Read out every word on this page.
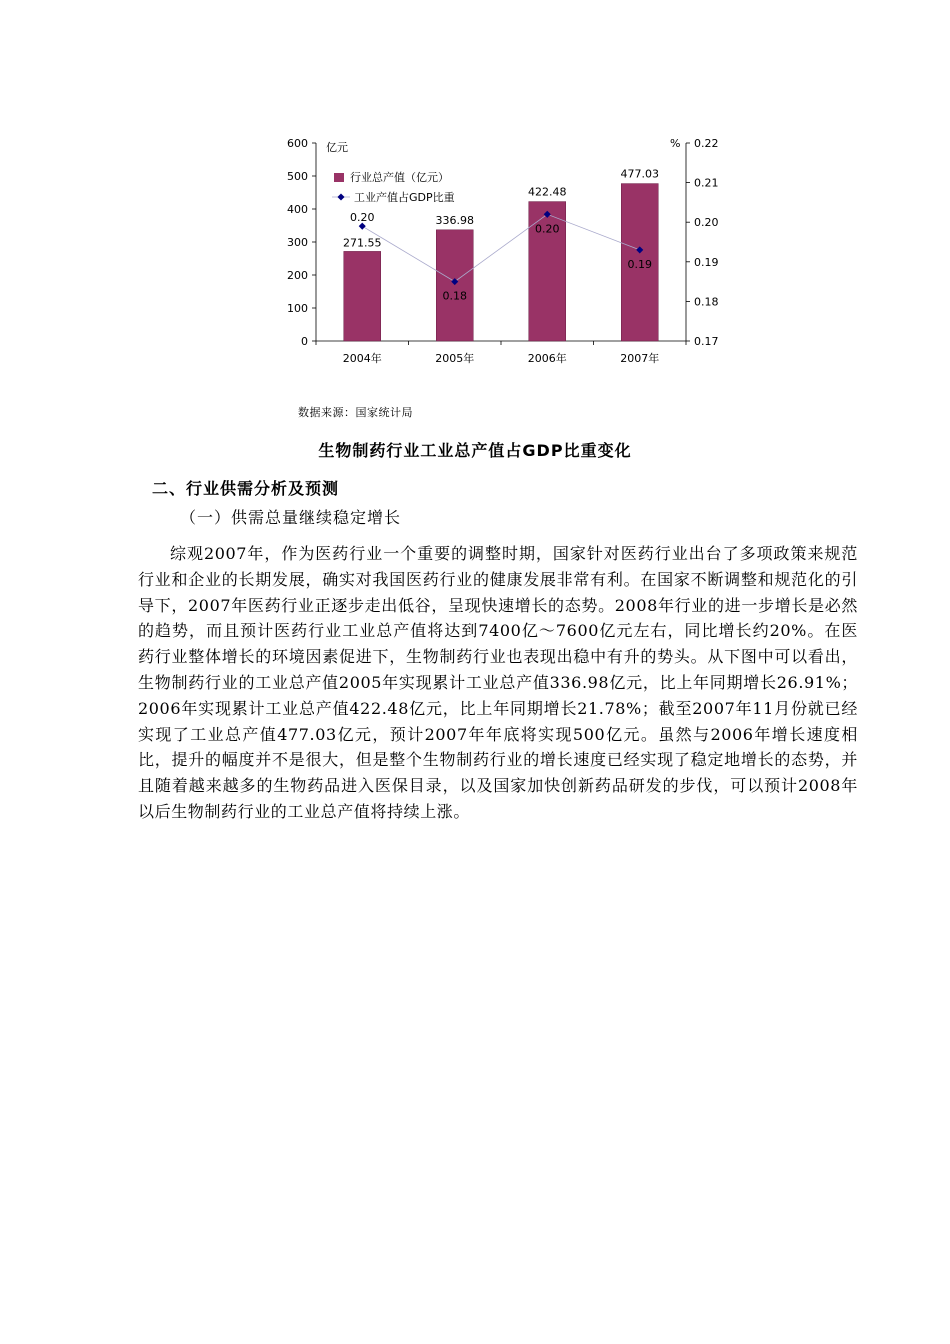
0
100
200
300
400
500
600
0.17
0.18
0.19
0.20
0.21
0.22
2004年	2005年	2006年	2007年
亿元	%
271.55
336.98
422.48
477.03
0.20
0.18
0.20
0.19
行业总产值（亿元）
工业产值占GDP比重
数据来源：国家统计局
生物制药行业工业总产值占GDP比重变化
二、行业供需分析及预测
（一）供需总量继续稳定增长

综观2007年，作为医药行业一个重要的调整时期，国家针对医药行业出台了多项政策来规范行业和企业的长期发展，确实对我国医药行业的健康发展非常有利。在国家不断调整和规范化的引导下，2007年医药行业正逐步走出低谷，呈现快速增长的态势。2008年行业的进一步增长是必然的趋势，而且预计医药行业工业总产值将达到7400亿～7600亿元左右，同比增长约20%。在医药行业整体增长的环境因素促进下，生物制药行业也表现出稳中有升的势头。从下图中可以看出，生物制药行业的工业总产值2005年实现累计工业总产值336.98亿元，比上年同期增长26.91%；2006年实现累计工业总产值422.48亿元，比上年同期增长21.78%；截至2007年11月份就已经实现了工业总产值477.03亿元，预计2007年年底将实现500亿元。虽然与2006年增长速度相比，提升的幅度并不是很大，但是整个生物制药行业的增长速度已经实现了稳定地增长的态势，并且随着越来越多的生物药品进入医保目录，以及国家加快创新药品研发的步伐，可以预计2008年以后生物制药行业的工业总产值将持续上涨。
